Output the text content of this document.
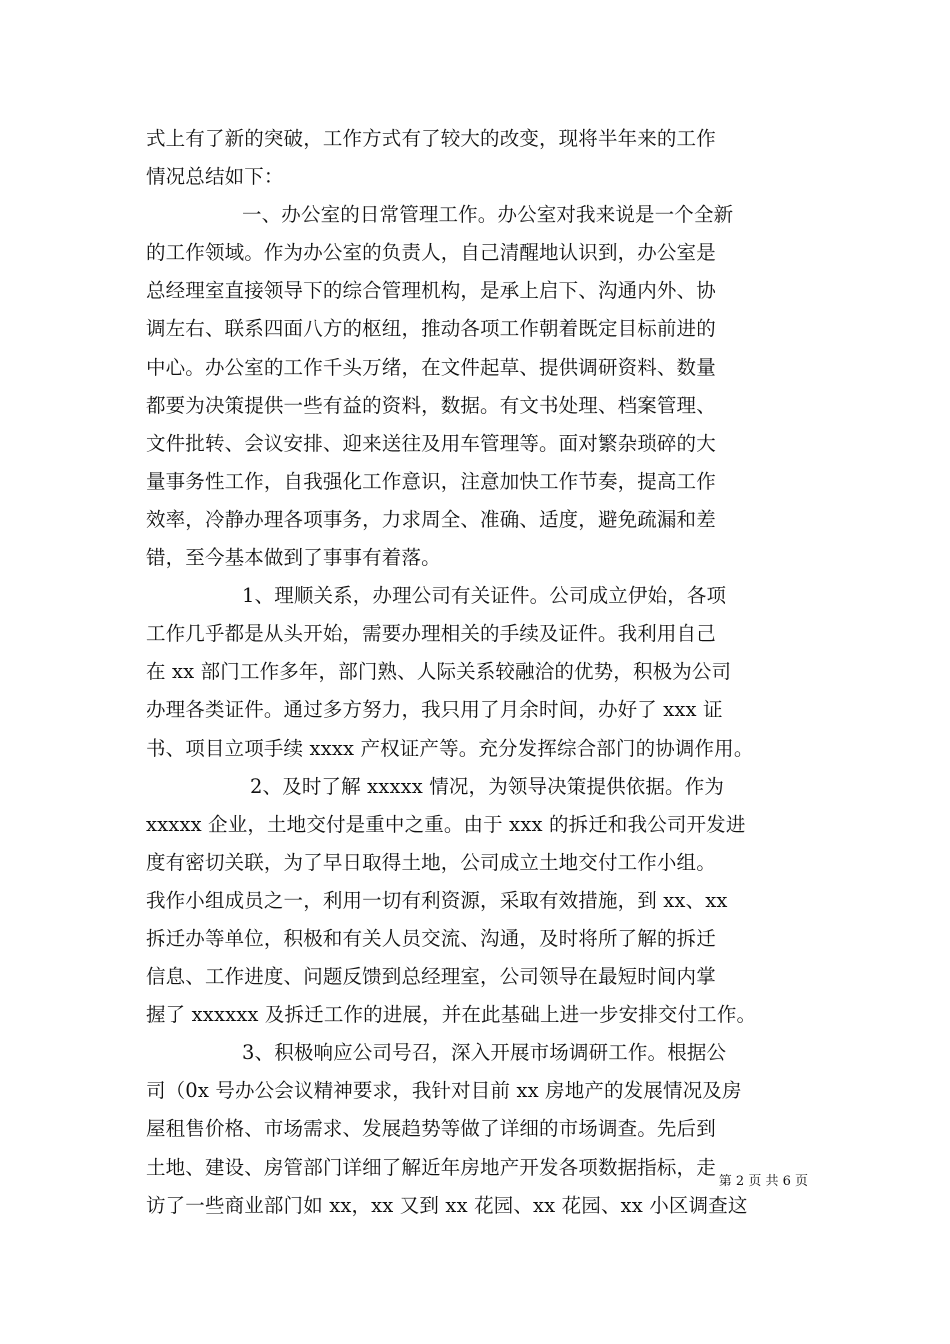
式上有了新的突破，工作方式有了较大的改变，现将半年来的工作
情况总结如下：
一、办公室的日常管理工作。办公室对我来说是一个全新
的工作领域。作为办公室的负责人，自己清醒地认识到，办公室是
总经理室直接领导下的综合管理机构，是承上启下、沟通内外、协
调左右、联系四面八方的枢纽，推动各项工作朝着既定目标前进的
中心。办公室的工作千头万绪，在文件起草、提供调研资料、数量
都要为决策提供一些有益的资料，数据。有文书处理、档案管理、
文件批转、会议安排、迎来送往及用车管理等。面对繁杂琐碎的大
量事务性工作，自我强化工作意识，注意加快工作节奏，提高工作
效率，冷静办理各项事务，力求周全、准确、适度，避免疏漏和差
错，至今基本做到了事事有着落。
1、理顺关系，办理公司有关证件。公司成立伊始，各项
工作几乎都是从头开始，需要办理相关的手续及证件。我利用自己
在 xx 部门工作多年，部门熟、人际关系较融洽的优势，积极为公司
办理各类证件。通过多方努力，我只用了月余时间，办好了 xxx 证
书、项目立项手续 xxxx 产权证产等。充分发挥综合部门的协调作用。
2、及时了解 xxxxx 情况，为领导决策提供依据。作为
xxxxx 企业，土地交付是重中之重。由于 xxx 的拆迁和我公司开发进
度有密切关联，为了早日取得土地，公司成立土地交付工作小组。
我作小组成员之一，利用一切有利资源，采取有效措施，到 xx、xx
拆迁办等单位，积极和有关人员交流、沟通，及时将所了解的拆迁
信息、工作进度、问题反馈到总经理室，公司领导在最短时间内掌
握了 xxxxxx 及拆迁工作的进展，并在此基础上进一步安排交付工作。
3、积极响应公司号召，深入开展市场调研工作。根据公
司（0x 号办公会议精神要求，我针对目前 xx 房地产的发展情况及房
屋租售价格、市场需求、发展趋势等做了详细的市场调查。先后到
土地、建设、房管部门详细了解近年房地产开发各项数据指标，走
访了一些商业部门如 xx，xx 又到 xx 花园、xx 花园、xx 小区调查这
第 2 页 共 6 页
